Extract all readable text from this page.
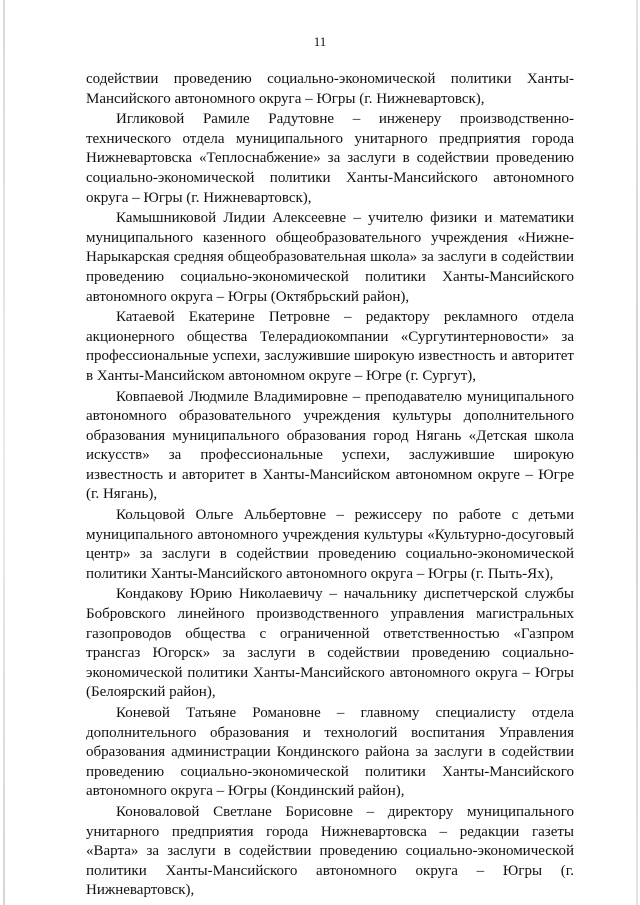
11

содействии проведению социально-экономической политики Ханты-Мансийского автономного округа – Югры (г. Нижневартовск),

Игликовой Рамиле Радутовне – инженеру производственно-технического отдела муниципального унитарного предприятия города Нижневартовска «Теплоснабжение» за заслуги в содействии проведению социально-экономической политики Ханты-Мансийского автономного округа – Югры (г. Нижневартовск),

Камышниковой Лидии Алексеевне – учителю физики и математики муниципального казенного общеобразовательного учреждения «Нижне-Нарыкарская средняя общеобразовательная школа» за заслуги в содействии проведению социально-экономической политики Ханты-Мансийского автономного округа – Югры (Октябрьский район),

Катаевой Екатерине Петровне – редактору рекламного отдела акционерного общества Телерадиокомпании «Сургутинтерновости» за профессиональные успехи, заслужившие широкую известность и авторитет в Ханты-Мансийском автономном округе – Югре (г. Сургут),

Ковпаевой Людмиле Владимировне – преподавателю муниципального автономного образовательного учреждения культуры дополнительного образования муниципального образования город Нягань «Детская школа искусств» за профессиональные успехи, заслужившие широкую известность и авторитет в Ханты-Мансийском автономном округе – Югре (г. Нягань),

Кольцовой Ольге Альбертовне – режиссеру по работе с детьми муниципального автономного учреждения культуры «Культурно-досуговый центр» за заслуги в содействии проведению социально-экономической политики Ханты-Мансийского автономного округа – Югры (г. Пыть-Ях),

Кондакову Юрию Николаевичу – начальнику диспетчерской службы Бобровского линейного производственного управления магистральных газопроводов общества с ограниченной ответственностью «Газпром трансгаз Югорск» за заслуги в содействии проведению социально-экономической политики Ханты-Мансийского автономного округа – Югры (Белоярский район),

Коневой Татьяне Романовне – главному специалисту отдела дополнительного образования и технологий воспитания Управления образования администрации Кондинского района за заслуги в содействии проведению социально-экономической политики Ханты-Мансийского автономного округа – Югры (Кондинский район),

Коноваловой Светлане Борисовне – директору муниципального унитарного предприятия города Нижневартовска – редакции газеты «Варта» за заслуги в содействии проведению социально-экономической политики Ханты-Мансийского автономного округа – Югры (г. Нижневартовск),
